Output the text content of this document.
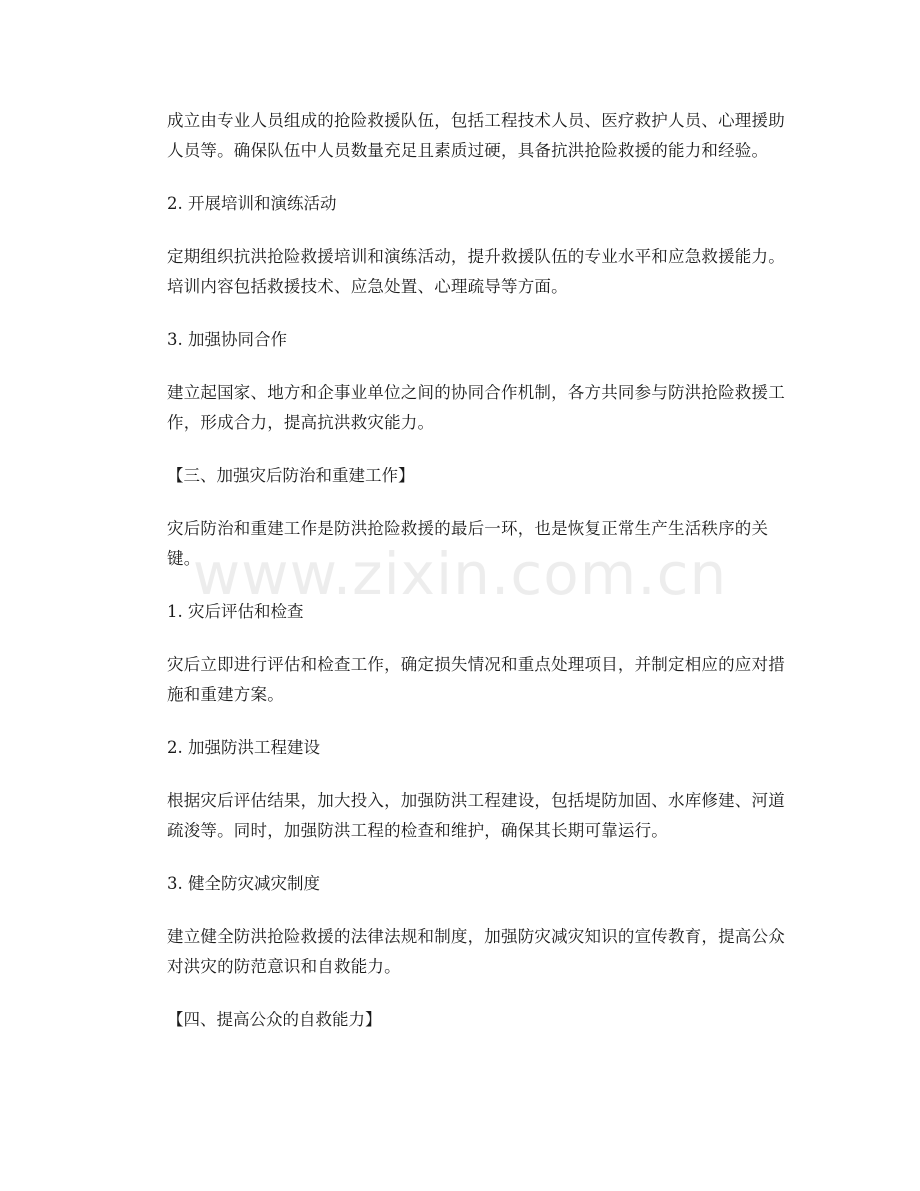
www.zixin.com.cn

成立由专业人员组成的抢险救援队伍，包括工程技术人员、医疗救护人员、心理援助人员等。确保队伍中人员数量充足且素质过硬，具备抗洪抢险救援的能力和经验。

2. 开展培训和演练活动

定期组织抗洪抢险救援培训和演练活动，提升救援队伍的专业水平和应急救援能力。培训内容包括救援技术、应急处置、心理疏导等方面。

3. 加强协同合作

建立起国家、地方和企事业单位之间的协同合作机制，各方共同参与防洪抢险救援工作，形成合力，提高抗洪救灾能力。

【三、加强灾后防治和重建工作】

灾后防治和重建工作是防洪抢险救援的最后一环，也是恢复正常生产生活秩序的关键。

1. 灾后评估和检查

灾后立即进行评估和检查工作，确定损失情况和重点处理项目，并制定相应的应对措施和重建方案。

2. 加强防洪工程建设

根据灾后评估结果，加大投入，加强防洪工程建设，包括堤防加固、水库修建、河道疏浚等。同时，加强防洪工程的检查和维护，确保其长期可靠运行。

3. 健全防灾减灾制度

建立健全防洪抢险救援的法律法规和制度，加强防灾减灾知识的宣传教育，提高公众对洪灾的防范意识和自救能力。

【四、提高公众的自救能力】
